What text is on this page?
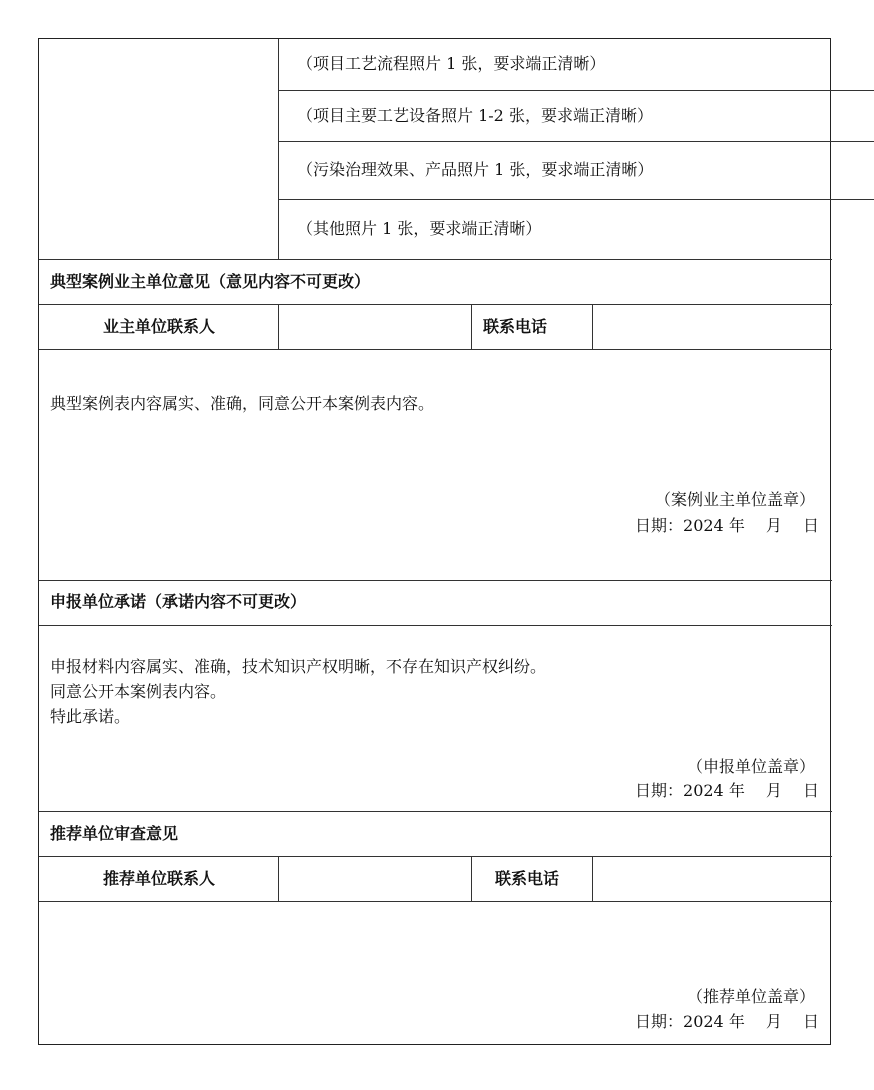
（项目工艺流程照片 1 张，要求端正清晰）
（项目主要工艺设备照片 1-2 张，要求端正清晰）
（污染治理效果、产品照片 1 张，要求端正清晰）
（其他照片 1 张，要求端正清晰）
典型案例业主单位意见（意见内容不可更改）
业主单位联系人	联系电话
典型案例表内容属实、准确，同意公开本案例表内容。
（案例业主单位盖章）
日期：2024 年　 月　 日
申报单位承诺（承诺内容不可更改）
申报材料内容属实、准确，技术知识产权明晰，不存在知识产权纠纷。
同意公开本案例表内容。
特此承诺。
（申报单位盖章）
日期：2024 年　 月　 日
推荐单位审查意见
推荐单位联系人	联系电话
（推荐单位盖章）
日期：2024 年　 月　 日
